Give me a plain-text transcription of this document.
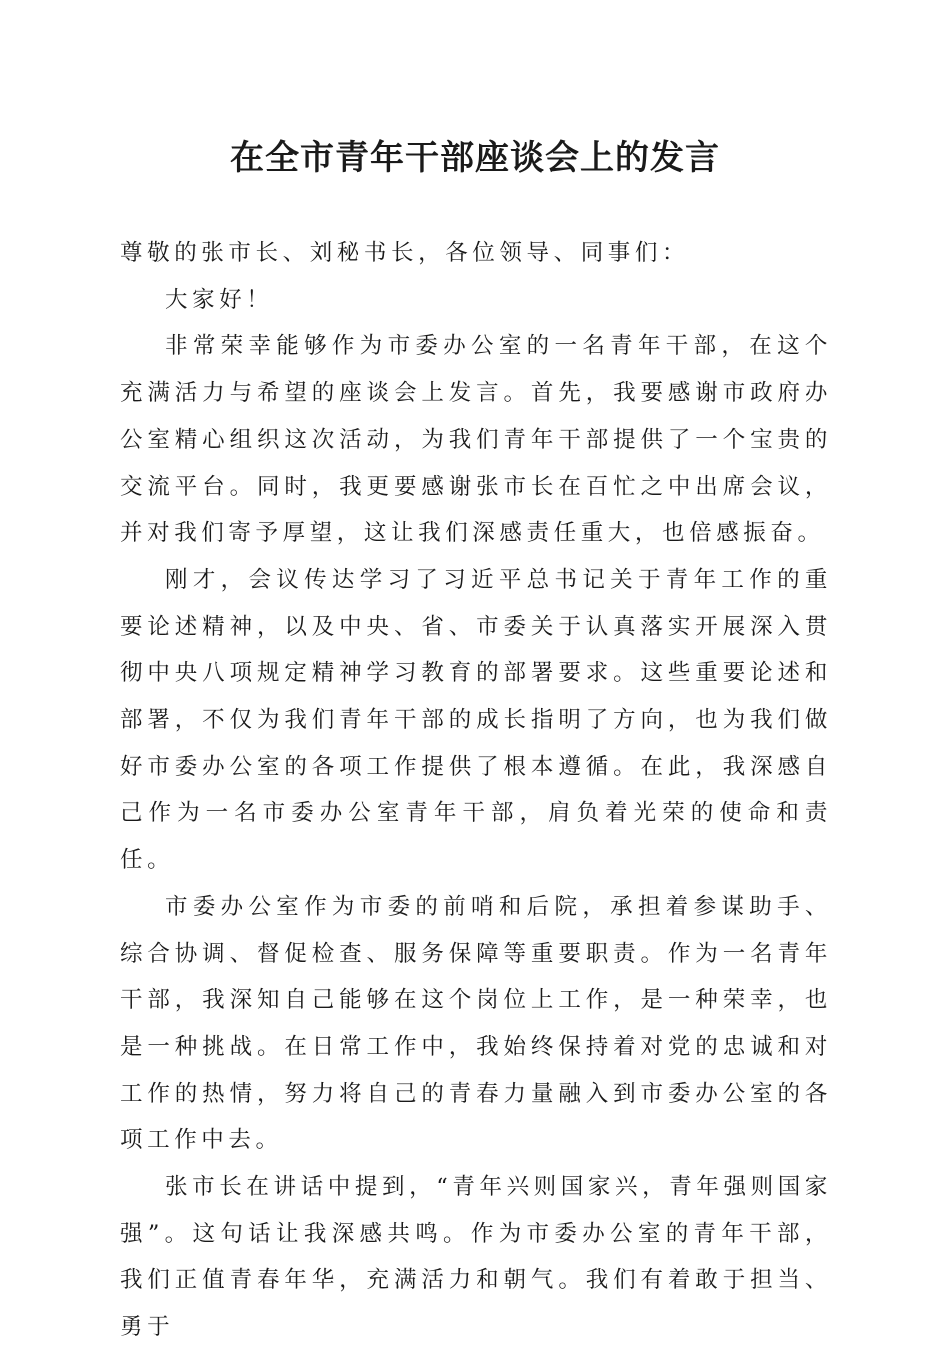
在全市青年干部座谈会上的发言

尊敬的张市长、刘秘书长，各位领导、同事们：

大家好！

非常荣幸能够作为市委办公室的一名青年干部，在这个充满活力与希望的座谈会上发言。首先，我要感谢市政府办公室精心组织这次活动，为我们青年干部提供了一个宝贵的交流平台。同时，我更要感谢张市长在百忙之中出席会议，并对我们寄予厚望，这让我们深感责任重大，也倍感振奋。

刚才，会议传达学习了习近平总书记关于青年工作的重要论述精神，以及中央、省、市委关于认真落实开展深入贯彻中央八项规定精神学习教育的部署要求。这些重要论述和部署，不仅为我们青年干部的成长指明了方向，也为我们做好市委办公室的各项工作提供了根本遵循。在此，我深感自己作为一名市委办公室青年干部，肩负着光荣的使命和责任。

市委办公室作为市委的前哨和后院，承担着参谋助手、综合协调、督促检查、服务保障等重要职责。作为一名青年干部，我深知自己能够在这个岗位上工作，是一种荣幸，也是一种挑战。在日常工作中，我始终保持着对党的忠诚和对工作的热情，努力将自己的青春力量融入到市委办公室的各项工作中去。

张市长在讲话中提到，“青年兴则国家兴，青年强则国家强”。这句话让我深感共鸣。作为市委办公室的青年干部，我们正值青春年华，充满活力和朝气。我们有着敢于担当、勇于
